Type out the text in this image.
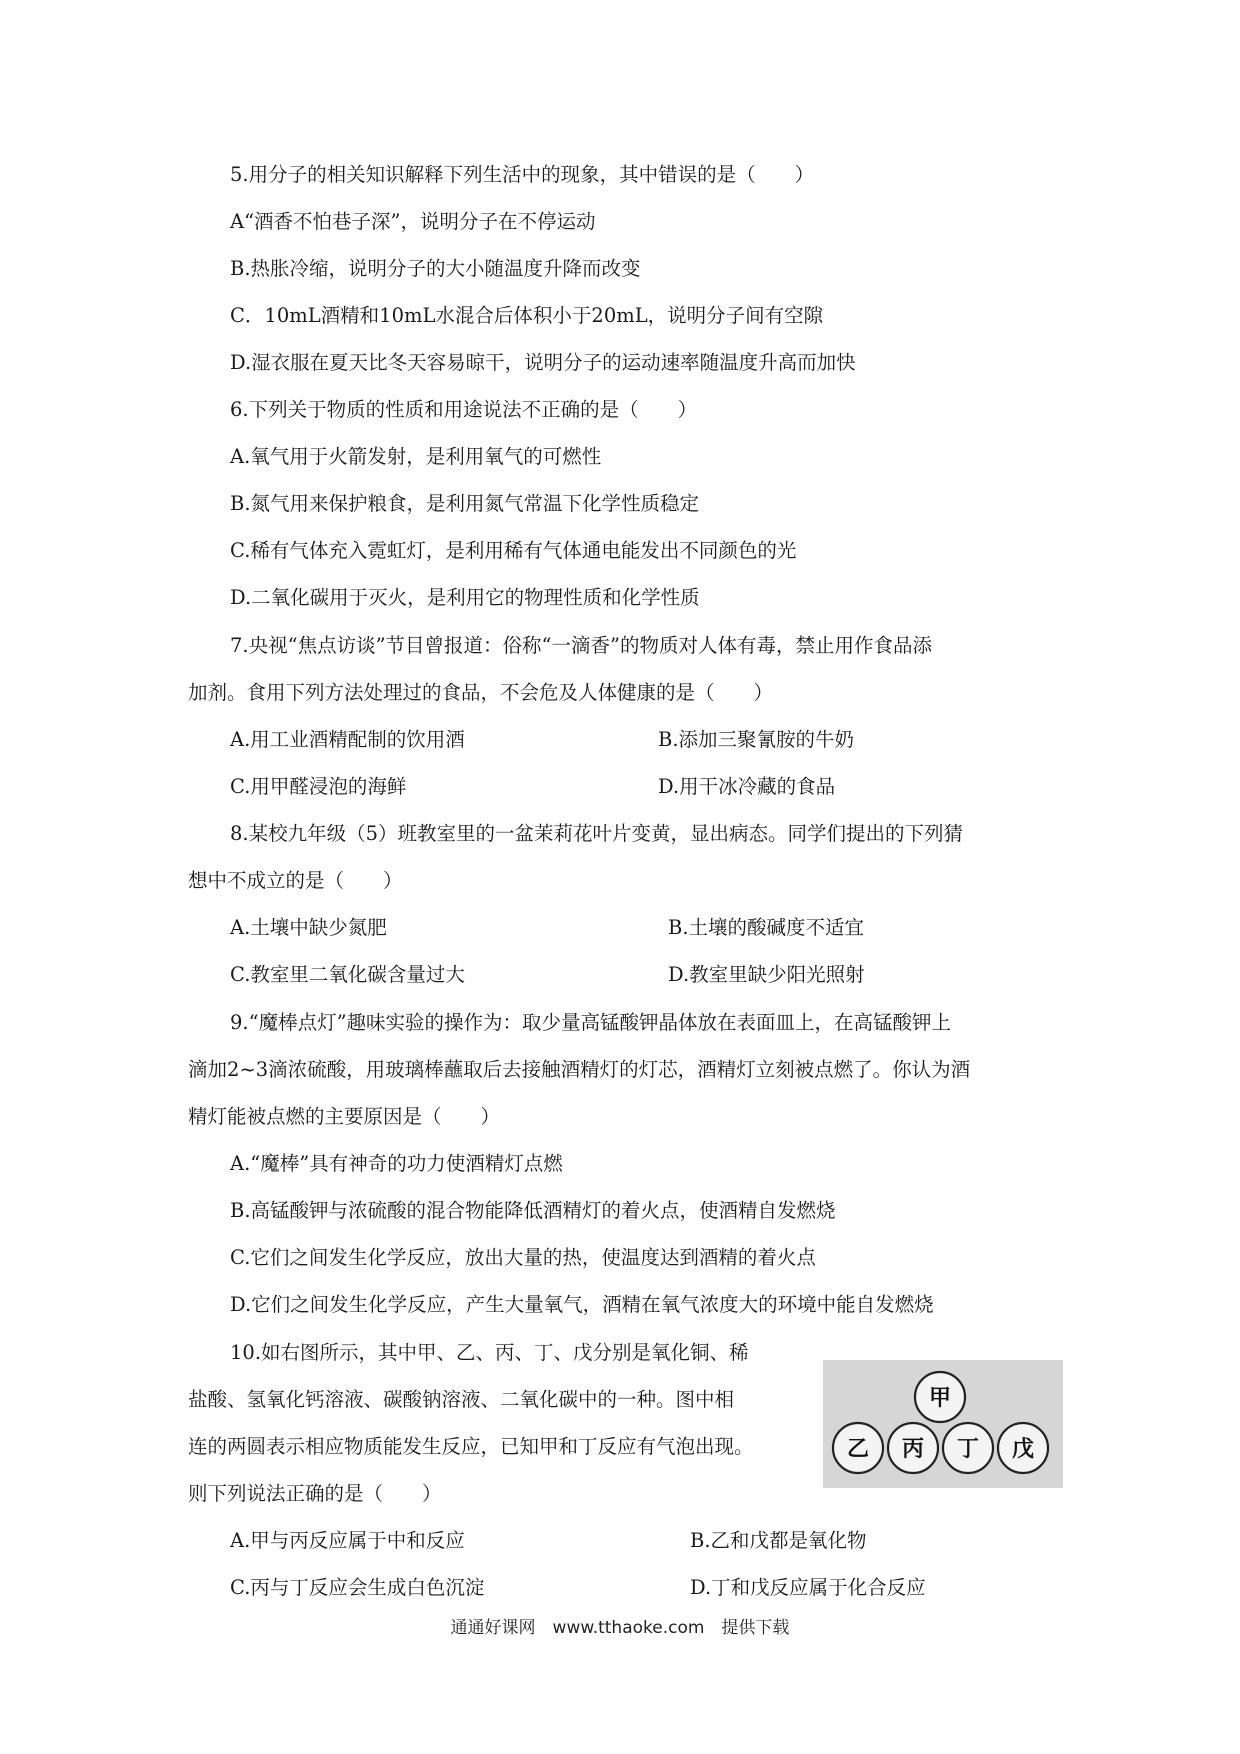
5.用分子的相关知识解释下列生活中的现象，其中错误的是（　　）

A“酒香不怕巷子深”，说明分子在不停运动

B.热胀冷缩，说明分子的大小随温度升降而改变

C．10mL酒精和10mL水混合后体积小于20mL，说明分子间有空隙

D.湿衣服在夏天比冬天容易晾干，说明分子的运动速率随温度升高而加快

6.下列关于物质的性质和用途说法不正确的是（　　）

A.氧气用于火箭发射，是利用氧气的可燃性

B.氮气用来保护粮食，是利用氮气常温下化学性质稳定

C.稀有气体充入霓虹灯，是利用稀有气体通电能发出不同颜色的光

D.二氧化碳用于灭火，是利用它的物理性质和化学性质

7.央视“焦点访谈”节目曾报道：俗称“一滴香”的物质对人体有毒，禁止用作食品添

加剂。食用下列方法处理过的食品，不会危及人体健康的是（　　）

A.用工业酒精配制的饮用酒	B.添加三聚氰胺的牛奶
C.用甲醛浸泡的海鲜	D.用干冰冷藏的食品

8.某校九年级（5）班教室里的一盆茉莉花叶片变黄，显出病态。同学们提出的下列猜

想中不成立的是（　　）

A.土壤中缺少氮肥	B.土壤的酸碱度不适宜
C.教室里二氧化碳含量过大	D.教室里缺少阳光照射

9.“魔棒点灯”趣味实验的操作为：取少量高锰酸钾晶体放在表面皿上，在高锰酸钾上

滴加2~3滴浓硫酸，用玻璃棒蘸取后去接触酒精灯的灯芯，酒精灯立刻被点燃了。你认为酒

精灯能被点燃的主要原因是（　　）

A.“魔棒”具有神奇的功力使酒精灯点燃

B.高锰酸钾与浓硫酸的混合物能降低酒精灯的着火点，使酒精自发燃烧

C.它们之间发生化学反应，放出大量的热，使温度达到酒精的着火点

D.它们之间发生化学反应，产生大量氧气，酒精在氧气浓度大的环境中能自发燃烧

10.如右图所示，其中甲、乙、丙、丁、戊分别是氧化铜、稀

盐酸、氢氧化钙溶液、碳酸钠溶液、二氧化碳中的一种。图中相

连的两圆表示相应物质能发生反应，已知甲和丁反应有气泡出现。

则下列说法正确的是（　　）

A.甲与丙反应属于中和反应	B.乙和戊都是氧化物
C.丙与丁反应会生成白色沉淀	D.丁和戊反应属于化合反应
甲
乙 丙 丁 戊
通通好课网　www.tthaoke.com　提供下载
